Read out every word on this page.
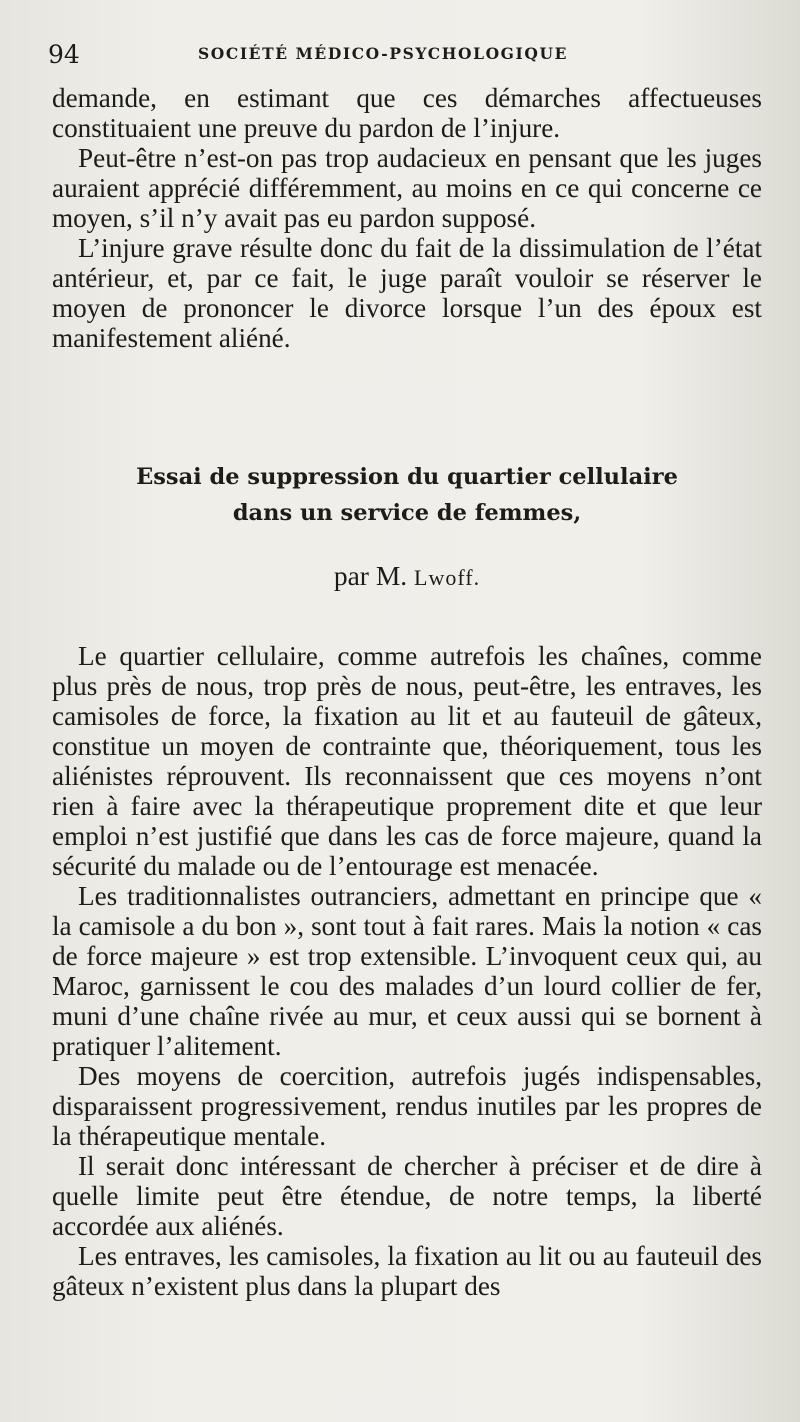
94	SOCIÉTÉ MÉDICO-PSYCHOLOGIQUE

demande, en estimant que ces démarches affectueuses constituaient une preuve du pardon de l’injure.

Peut-être n’est-on pas trop audacieux en pensant que les juges auraient apprécié différemment, au moins en ce qui concerne ce moyen, s’il n’y avait pas eu pardon supposé.

L’injure grave résulte donc du fait de la dissimulation de l’état antérieur, et, par ce fait, le juge paraît vouloir se réserver le moyen de prononcer le divorce lorsque l’un des époux est manifestement aliéné.

Essai de suppression du quartier cellulaire
dans un service de femmes,
par M. Lwoff.

Le quartier cellulaire, comme autrefois les chaînes, comme plus près de nous, trop près de nous, peut-être, les entraves, les camisoles de force, la fixation au lit et au fauteuil de gâteux, constitue un moyen de contrainte que, théoriquement, tous les aliénistes réprouvent. Ils reconnaissent que ces moyens n’ont rien à faire avec la thérapeutique proprement dite et que leur emploi n’est justifié que dans les cas de force majeure, quand la sécurité du malade ou de l’entourage est menacée.

Les traditionnalistes outranciers, admettant en principe que « la camisole a du bon », sont tout à fait rares. Mais la notion « cas de force majeure » est trop extensible. L’invoquent ceux qui, au Maroc, garnissent le cou des malades d’un lourd collier de fer, muni d’une chaîne rivée au mur, et ceux aussi qui se bornent à pratiquer l’alitement.

Des moyens de coercition, autrefois jugés indispensables, disparaissent progressivement, rendus inutiles par les propres de la thérapeutique mentale.

Il serait donc intéressant de chercher à préciser et de dire à quelle limite peut être étendue, de notre temps, la liberté accordée aux aliénés.

Les entraves, les camisoles, la fixation au lit ou au fauteuil des gâteux n’existent plus dans la plupart des
